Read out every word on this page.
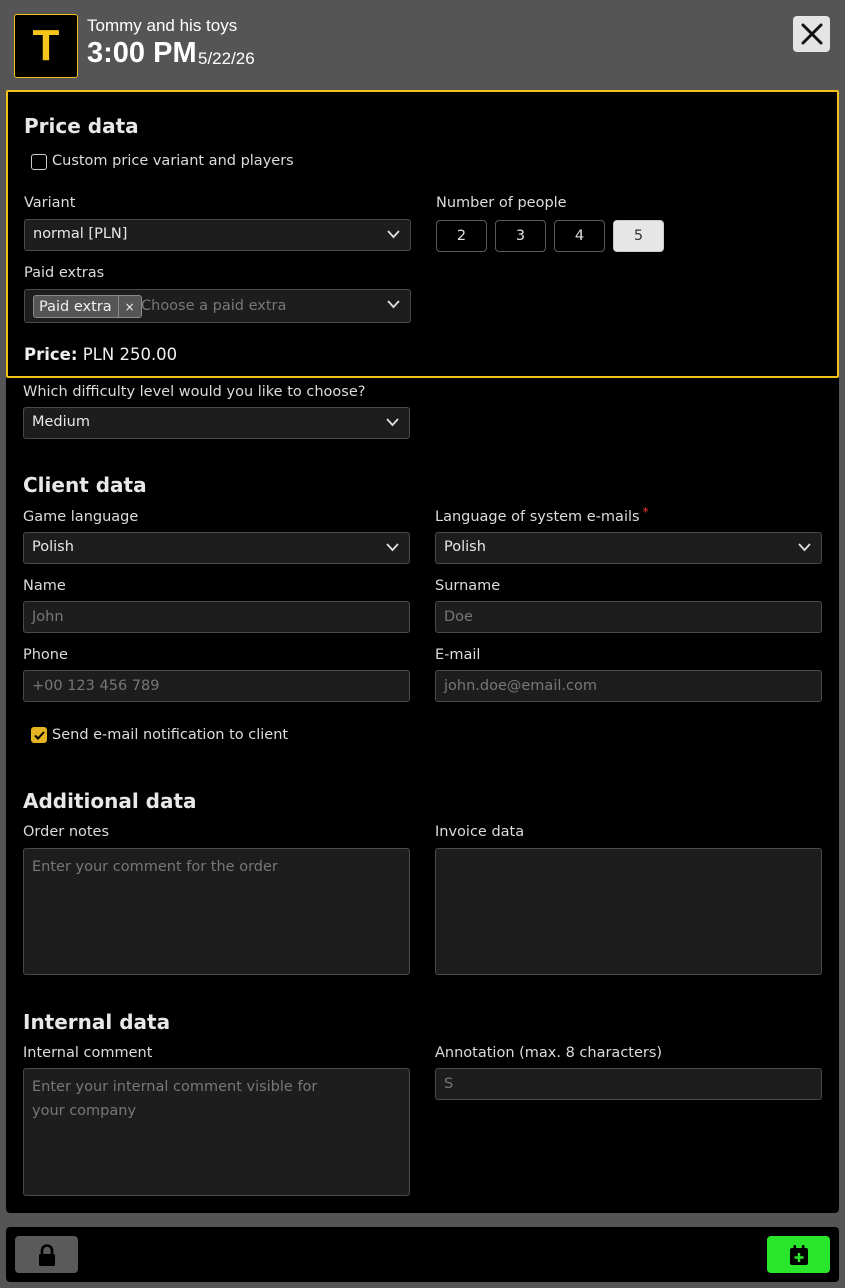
T Tommy and his toys
3:00 PM 5/22/26
Price data
Custom price variant and players
Variant
normal [PLN]
Number of people
2	3	4	5
Paid extras
Paid extra	× Choose a paid extra
Price: PLN 250.00
Which difficulty level would you like to choose?
Medium
Client data
Game language
Polish
Language of system e-mails *
Polish
Name
John
Surname
Doe
Phone
+00 123 456 789
E-mail
john.doe@email.com
Send e-mail notification to client
Additional data
Order notes
Enter your comment for the order
Invoice data
Internal data
Internal comment
Enter your internal comment visible for your company
Annotation (max. 8 characters)
S
